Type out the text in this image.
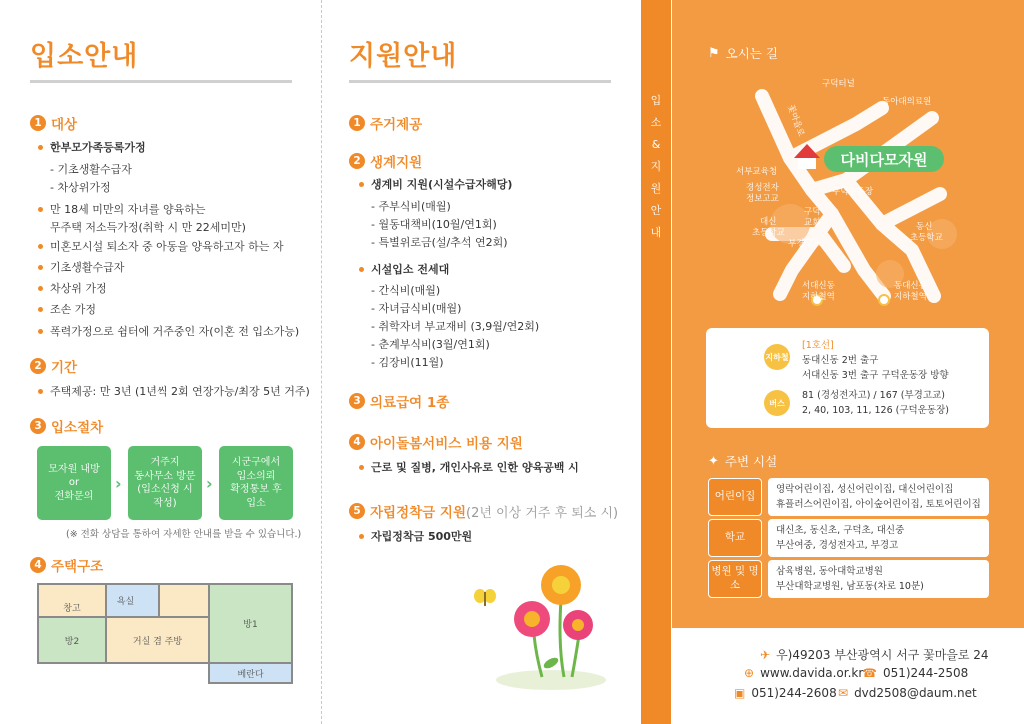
입소안내
1 대상
한부모가족등록가정
- 기초생활수급자
- 차상위가정
만 18세 미만의 자녀를 양육하는
무주택 저소득가정(취학 시 만 22세미만)
미혼모시설 퇴소자 중 아동을 양육하고자 하는 자
기초생활수급자
차상위 가정
조손 가정
폭력가정으로 쉼터에 거주중인 자(이혼 전 입소가능)
2 기간
주택제공: 만 3년 (1년씩 2회 연장가능/최장 5년 거주)
3 입소절차
모자원 내방
or
전화문의
›
거주지
동사무소 방문
(입소신청 시
작성)
›
시군구에서
입소의뢰
확정통보 후
입소
(※ 전화 상담을 통하여 자세한 안내를 받을 수 있습니다.)
4 주택구조
창고
욕실
방2	거실 겸 주방
방1
베란다
지원안내
1 주거제공
2 생계지원
생계비 지원(시설수급자해당)
- 주부식비(매월)
- 월동대책비(10월/연1회)
- 특별위로금(설/추석 연2회)
시설입소 전세대
- 간식비(매월)
- 자녀급식비(매월)
- 취학자녀 부교재비 (3,9월/연2회)
- 춘계부식비(3월/연1회)
- 김장비(11월)
3 의료급여 1종
4 아이돌봄서비스 비용 지원
근로 및 질병, 개인사유로 인한 양육공백 시
5 자립정착금 지원 (2년 이상 거주 후 퇴소 시)
자립정착금 500만원
입
소
&
지
원
안
내
⚑ 오시는 길
다비다모자원
구덕터널
동아대의료원
꽃마을로
서부교육청
경성전자
정보고교
구덕운동장
구덕
교회
대신
초등학교
부경고교
동신
초등학교
서대신동
지하철역
동대신동
지하철역
지하철
[1호선]
동대신동 2번 출구
서대신동 3번 출구 구덕운동장 방향
버스
81 (경성전자고) / 167 (부경고교)
2, 40, 103, 11, 126 (구덕운동장)
✦ 주변 시설
어린이집
영락어린이집, 성신어린이집, 대신어린이집
휴플러스어린이집, 아이숲어린이집, 토토어린이집
학교
대신초, 동신초, 구덕초, 대신중
부산여중, 경성전자고, 부경고
병원 및 명소
삼육병원, 동아대학교병원
부산대학교병원, 남포동(차로 10분)
✈ 우)49203 부산광역시 서구 꽃마을로 24
⊕ www.davida.or.kr
☎ 051)244-2508
▣ 051)244-2608 ✉ dvd2508@daum.net
